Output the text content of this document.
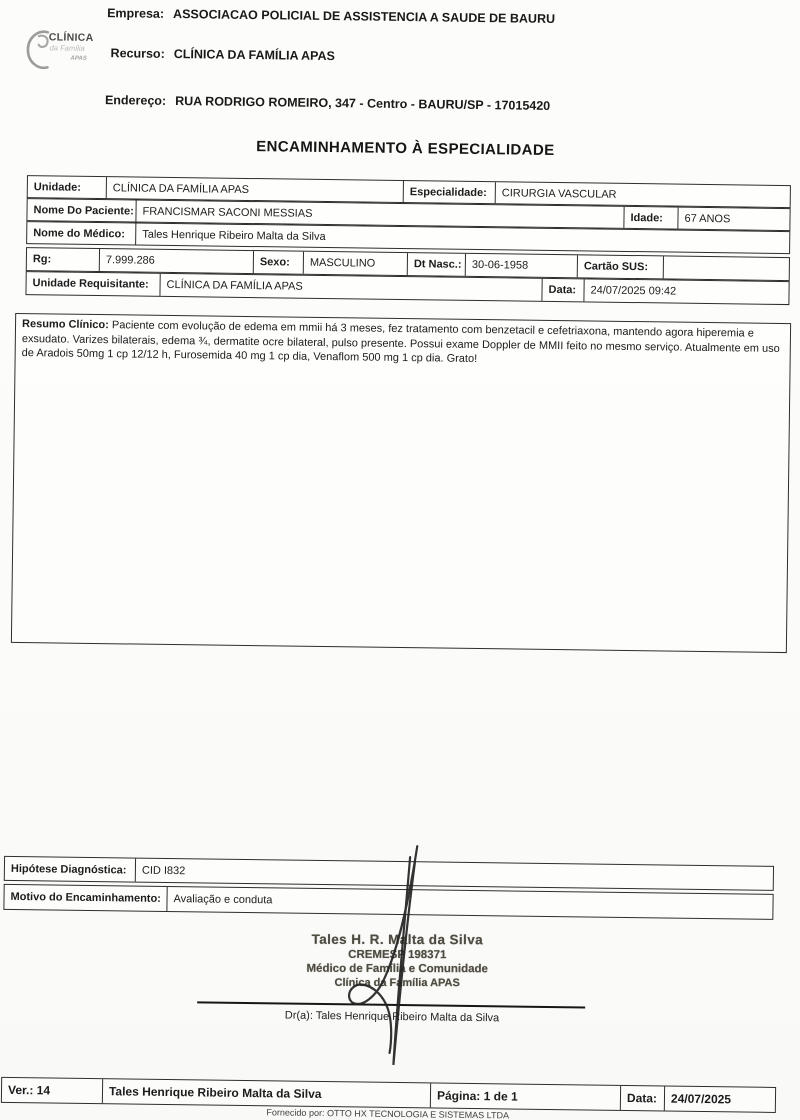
CLÍNICA
da Família
APAS
Empresa: ASSOCIACAO POLICIAL DE ASSISTENCIA A SAUDE DE BAURU
Recurso: CLÍNICA DA FAMÍLIA APAS
Endereço: RUA RODRIGO ROMEIRO, 347 - Centro - BAURU/SP - 17015420
ENCAMINHAMENTO À ESPECIALIDADE
Unidade:	CLÍNICA DA FAMÍLIA APAS	Especialidade:	CIRURGIA VASCULAR
Nome Do Paciente: FRANCISMAR SACONI MESSIAS	Idade:	67 ANOS
Nome do Médico:	Tales Henrique Ribeiro Malta da Silva
Rg:	7.999.286	Sexo:	MASCULINO	Dt Nasc.: 30-06-1958	Cartão SUS:
Unidade Requisitante:	CLÍNICA DA FAMÍLIA APAS	Data:	24/07/2025 09:42
Resumo Clínico: Paciente com evolução de edema em mmii há 3 meses, fez tratamento com benzetacil e cefetriaxona, mantendo agora hiperemia e exsudato. Varizes bilaterais, edema ¾, dermatite ocre bilateral, pulso presente. Possui exame Doppler de MMII feito no mesmo serviço. Atualmente em uso de Aradois 50mg 1 cp 12/12 h, Furosemida 40 mg 1 cp dia, Venaflom 500 mg 1 cp dia. Grato!
Hipótese Diagnóstica:	CID I832
Motivo do Encaminhamento:	Avaliação e conduta
Tales H. R. Malta da Silva
CREMESP 198371
Médico de Família e Comunidade
Clínica da Família APAS
Dr(a): Tales Henrique Ribeiro Malta da Silva
Ver.: 14	Tales Henrique Ribeiro Malta da Silva	Página: 1 de 1	Data:	24/07/2025
Fornecido por: OTTO HX TECNOLOGIA E SISTEMAS LTDA
